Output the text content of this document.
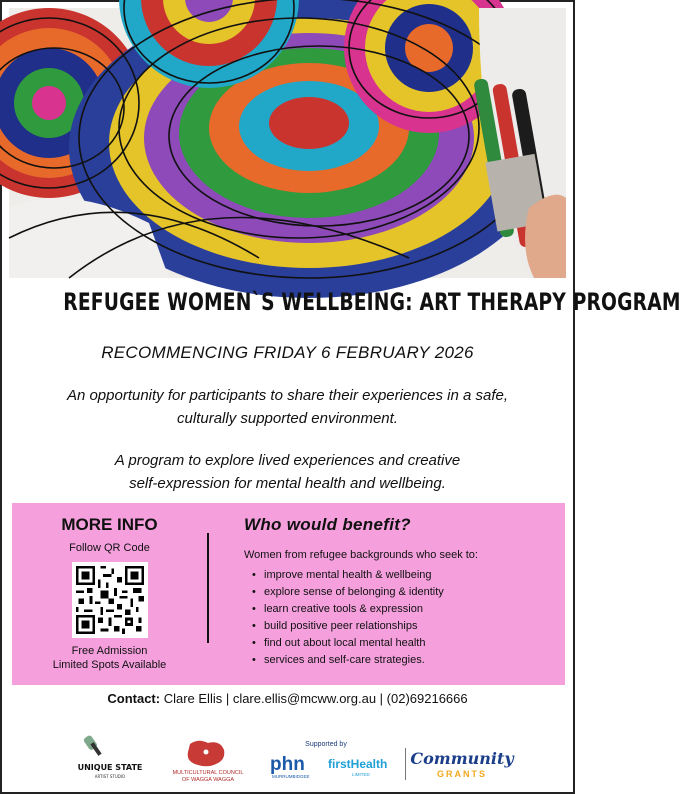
REFUGEE WOMEN`S WELLBEING: ART THERAPY PROGRAM
RECOMMENCING FRIDAY 6 FEBRUARY 2026
An opportunity for participants to share their experiences in a safe,
culturally supported environment.
A program to explore lived experiences and creative
self-expression for mental health and wellbeing.
MORE INFO
Follow QR Code
Free Admission
Limited Spots Available
Who would benefit?
Women from refugee backgrounds who seek to:
• improve mental health & wellbeing
• explore sense of belonging & identity
• learn creative tools & expression
• build positive peer relationships
• find out about local mental health
• services and self-care strategies.
Contact: Clare Ellis | clare.ellis@mcww.org.au | (02)69216666
UNIQUE STATE
ARTIST STUDIO
MULTICULTURAL COUNCIL
OF WAGGA WAGGA
Supported by
phn
MURRUMBIDGEE
firstHealth
LIMITED
Community
GRANTS
